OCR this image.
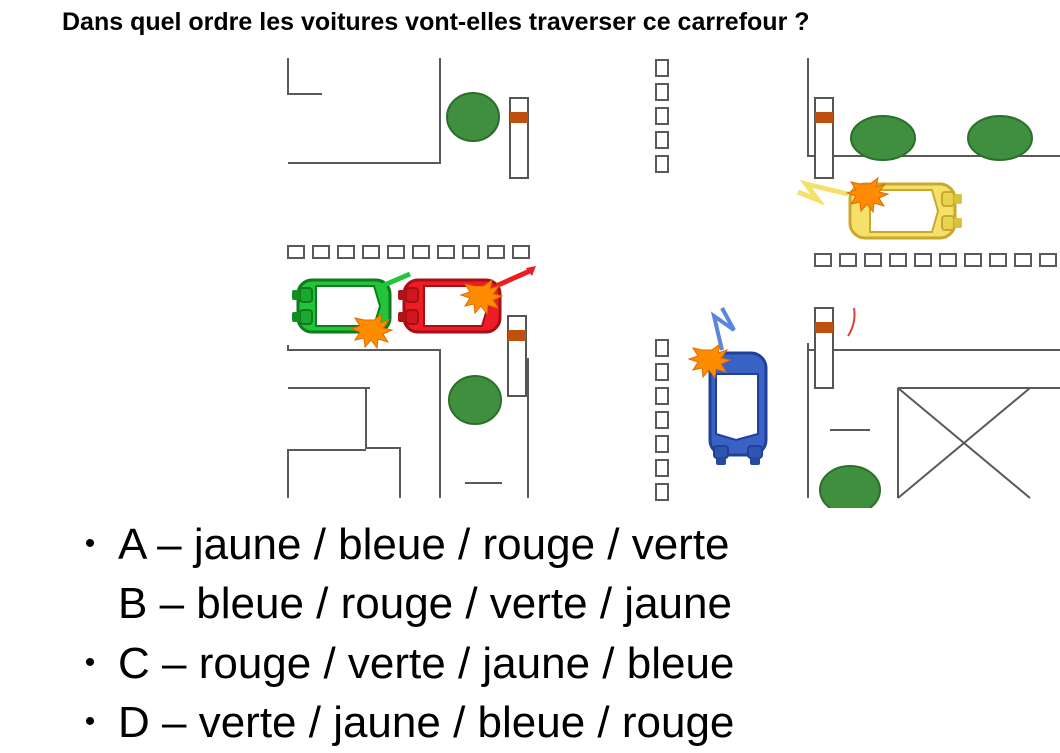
Dans quel ordre les voitures vont-elles traverser ce carrefour ?
• A – jaune / bleue / rouge / verte
B – bleue / rouge / verte / jaune
• C – rouge / verte / jaune / bleue
• D – verte / jaune / bleue / rouge
